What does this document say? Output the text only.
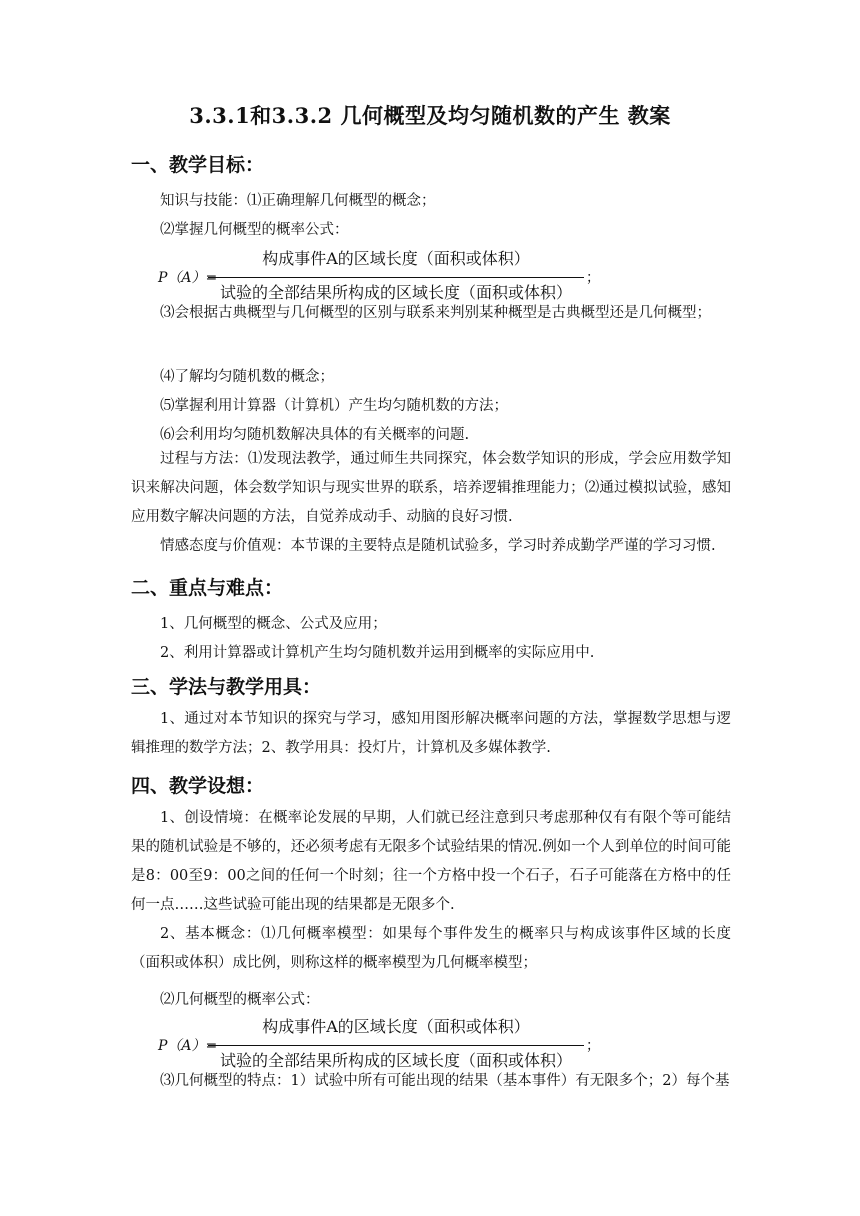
3.3.1和3.3.2 几何概型及均匀随机数的产生 教案
一、教学目标：
知识与技能：⑴正确理解几何概型的概念；
⑵掌握几何概型的概率公式：
P（A）=
构成事件A的区域长度（面积或体积）
试验的全部结果所构成的区域长度（面积或体积）
；
⑶会根据古典概型与几何概型的区别与联系来判别某种概型是古典概型还是几何概型；
⑷了解均匀随机数的概念；
⑸掌握利用计算器（计算机）产生均匀随机数的方法；
⑹会利用均匀随机数解决具体的有关概率的问题.
过程与方法：⑴发现法教学，通过师生共同探究，体会数学知识的形成，学会应用数学知识来解决问题，体会数学知识与现实世界的联系，培养逻辑推理能力；⑵通过模拟试验，感知应用数字解决问题的方法，自觉养成动手、动脑的良好习惯.
情感态度与价值观：本节课的主要特点是随机试验多，学习时养成勤学严谨的学习习惯.
二、重点与难点：
1、几何概型的概念、公式及应用；
2、利用计算器或计算机产生均匀随机数并运用到概率的实际应用中.
三、学法与教学用具：
1、通过对本节知识的探究与学习，感知用图形解决概率问题的方法，掌握数学思想与逻辑推理的数学方法；2、教学用具：投灯片，计算机及多媒体教学.
四、教学设想：
1、创设情境：在概率论发展的早期，人们就已经注意到只考虑那种仅有有限个等可能结果的随机试验是不够的，还必须考虑有无限多个试验结果的情况.例如一个人到单位的时间可能是8：00至9：00之间的任何一个时刻；往一个方格中投一个石子，石子可能落在方格中的任何一点……这些试验可能出现的结果都是无限多个.
2、基本概念：⑴几何概率模型：如果每个事件发生的概率只与构成该事件区域的长度（面积或体积）成比例，则称这样的概率模型为几何概率模型；
⑵几何概型的概率公式：
P（A）=
构成事件A的区域长度（面积或体积）
试验的全部结果所构成的区域长度（面积或体积）
；
⑶几何概型的特点：1）试验中所有可能出现的结果（基本事件）有无限多个；2）每个基
